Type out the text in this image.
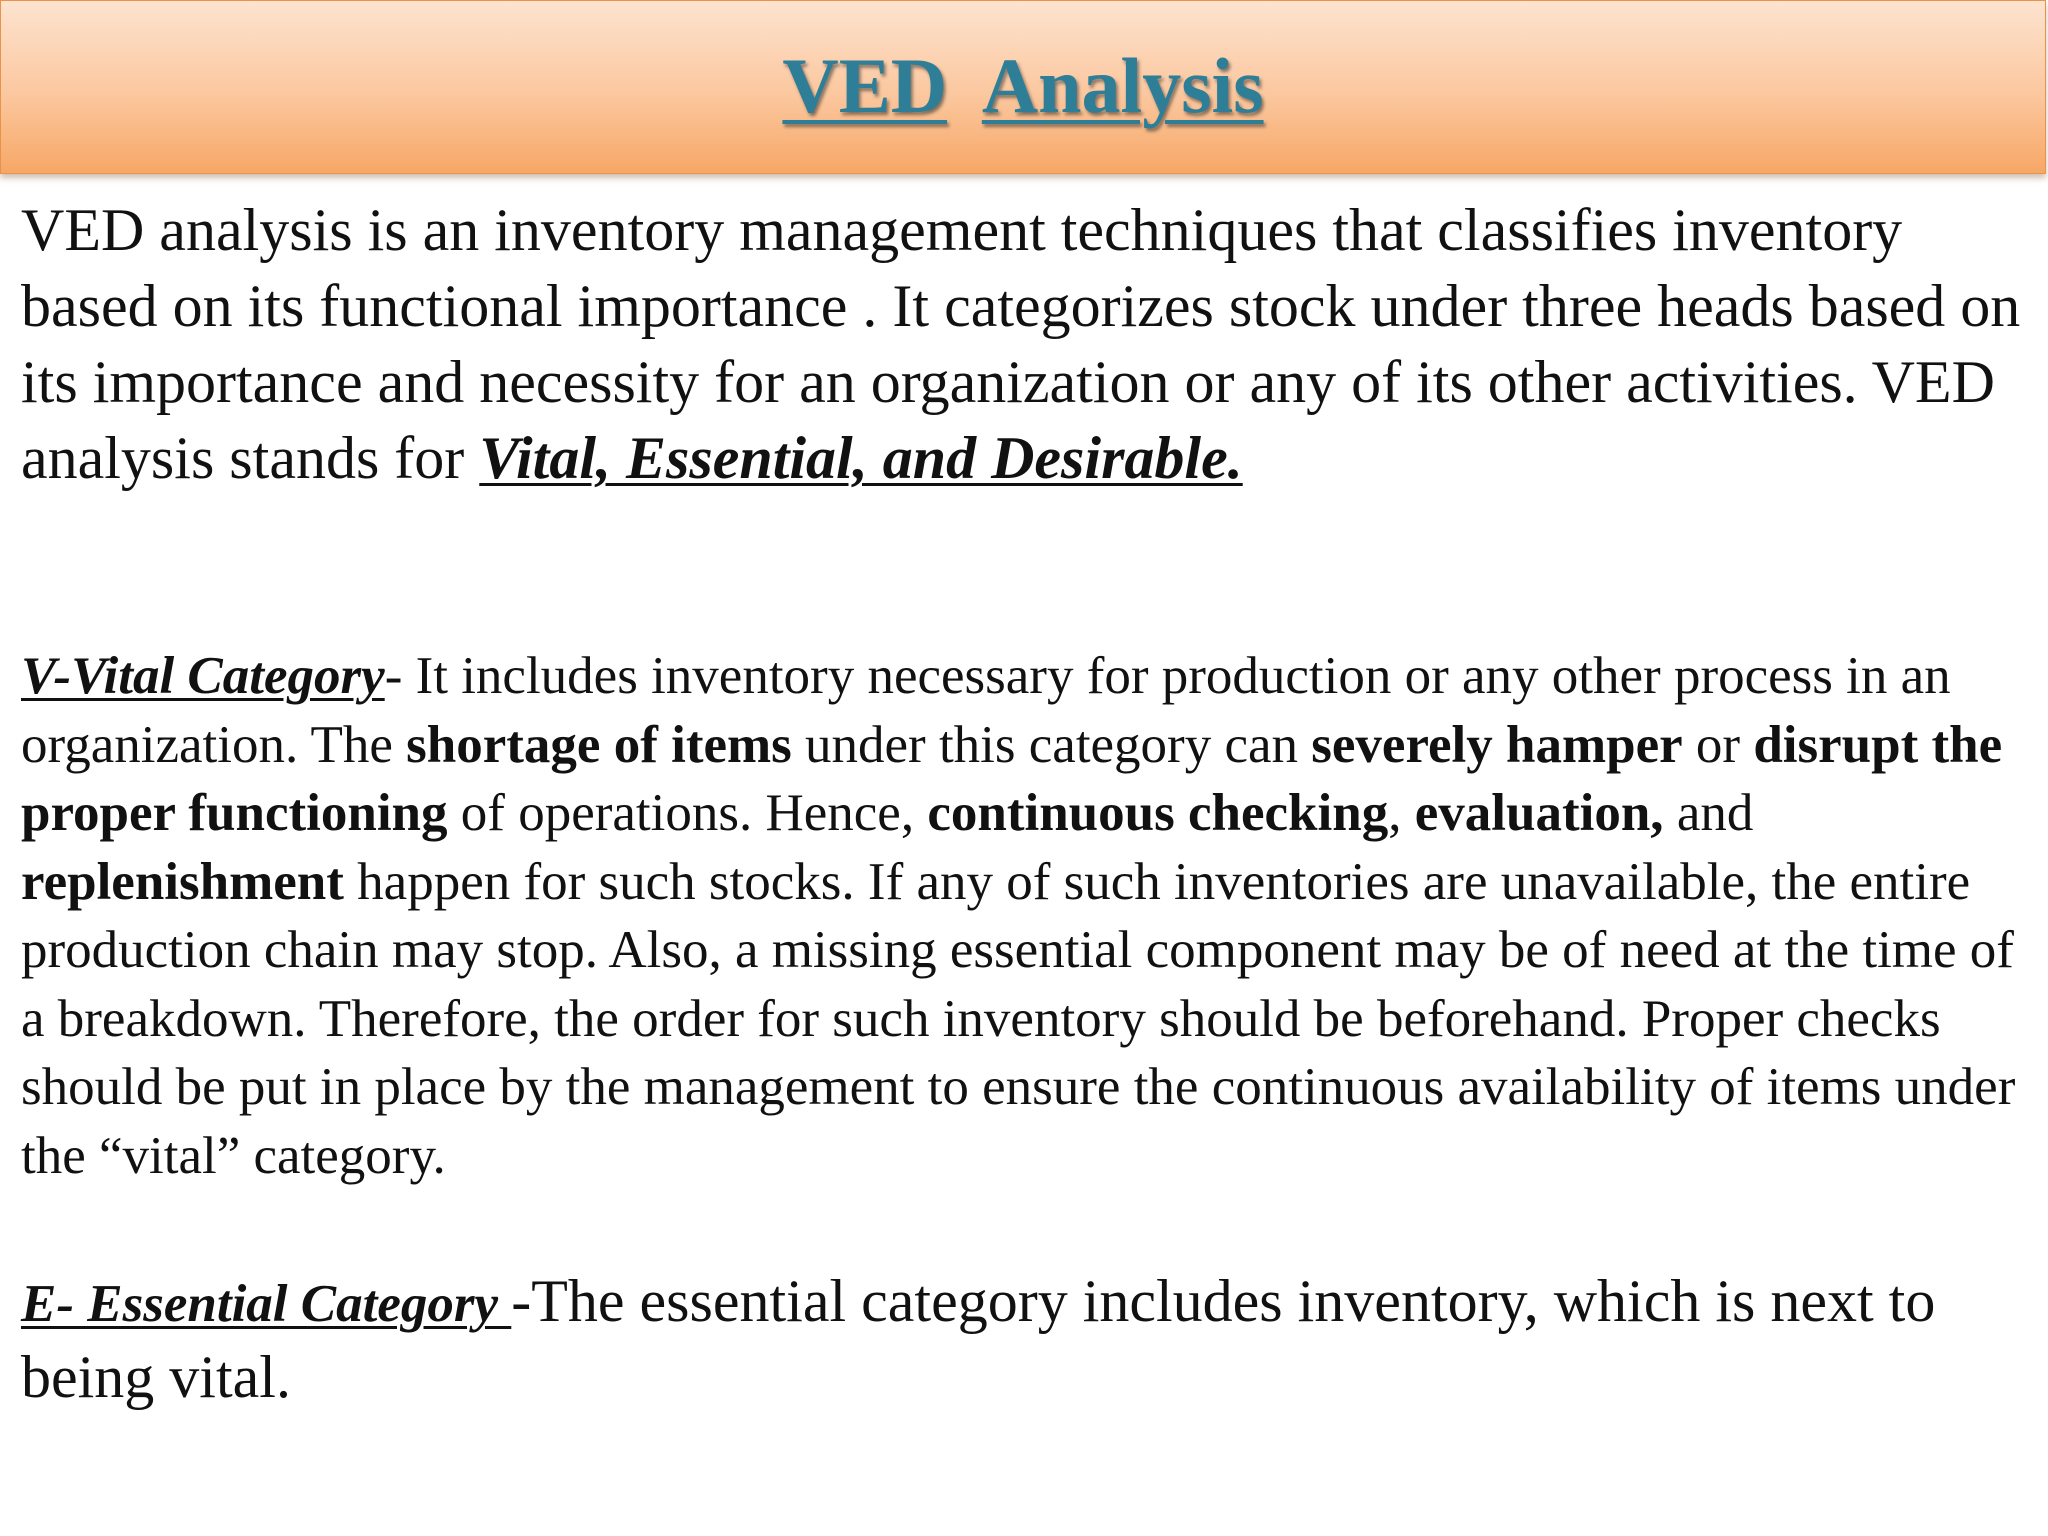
VED Analysis

VED analysis is an inventory management techniques that classifies inventory based on its functional importance . It categorizes stock under three heads based on its importance and necessity for an organization or any of its other activities. VED analysis stands for Vital, Essential, and Desirable.

V-Vital Category- It includes inventory necessary for production or any other process in an organization. The shortage of items under this category can severely hamper or disrupt the proper functioning of operations. Hence, continuous checking, evaluation, and replenishment happen for such stocks. If any of such inventories are unavailable, the entire production chain may stop. Also, a missing essential component may be of need at the time of a breakdown. Therefore, the order for such inventory should be beforehand. Proper checks should be put in place by the management to ensure the continuous availability of items under the “vital” category.

E- Essential Category -The essential category includes inventory, which is next to being vital.
